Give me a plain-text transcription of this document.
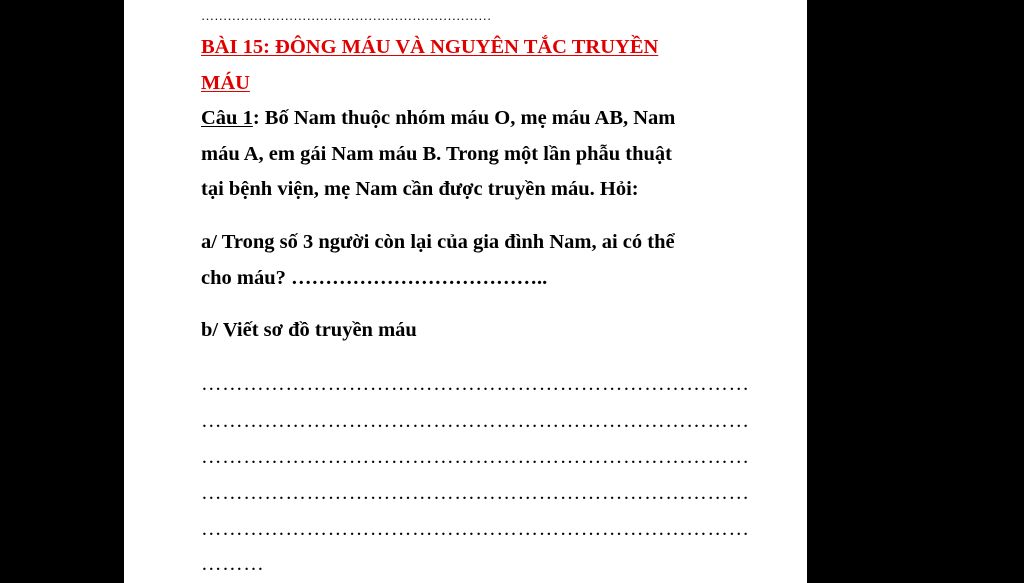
…………………………………………………………

BÀI 15: ĐÔNG MÁU VÀ NGUYÊN TẮC TRUYỀN

MÁU

Câu 1: Bố Nam thuộc nhóm máu O, mẹ máu AB, Nam

máu A, em gái Nam máu B. Trong một lần phẫu thuật

tại bệnh viện, mẹ Nam cần được truyền máu. Hỏi:

a/ Trong số 3 người còn lại của gia đình Nam, ai có thể

cho máu? ………………………………..

b/ Viết sơ đồ truyền máu

……………………………………………………………………

……………………………………………………………………

……………………………………………………………………

……………………………………………………………………

……………………………………………………………………

………
